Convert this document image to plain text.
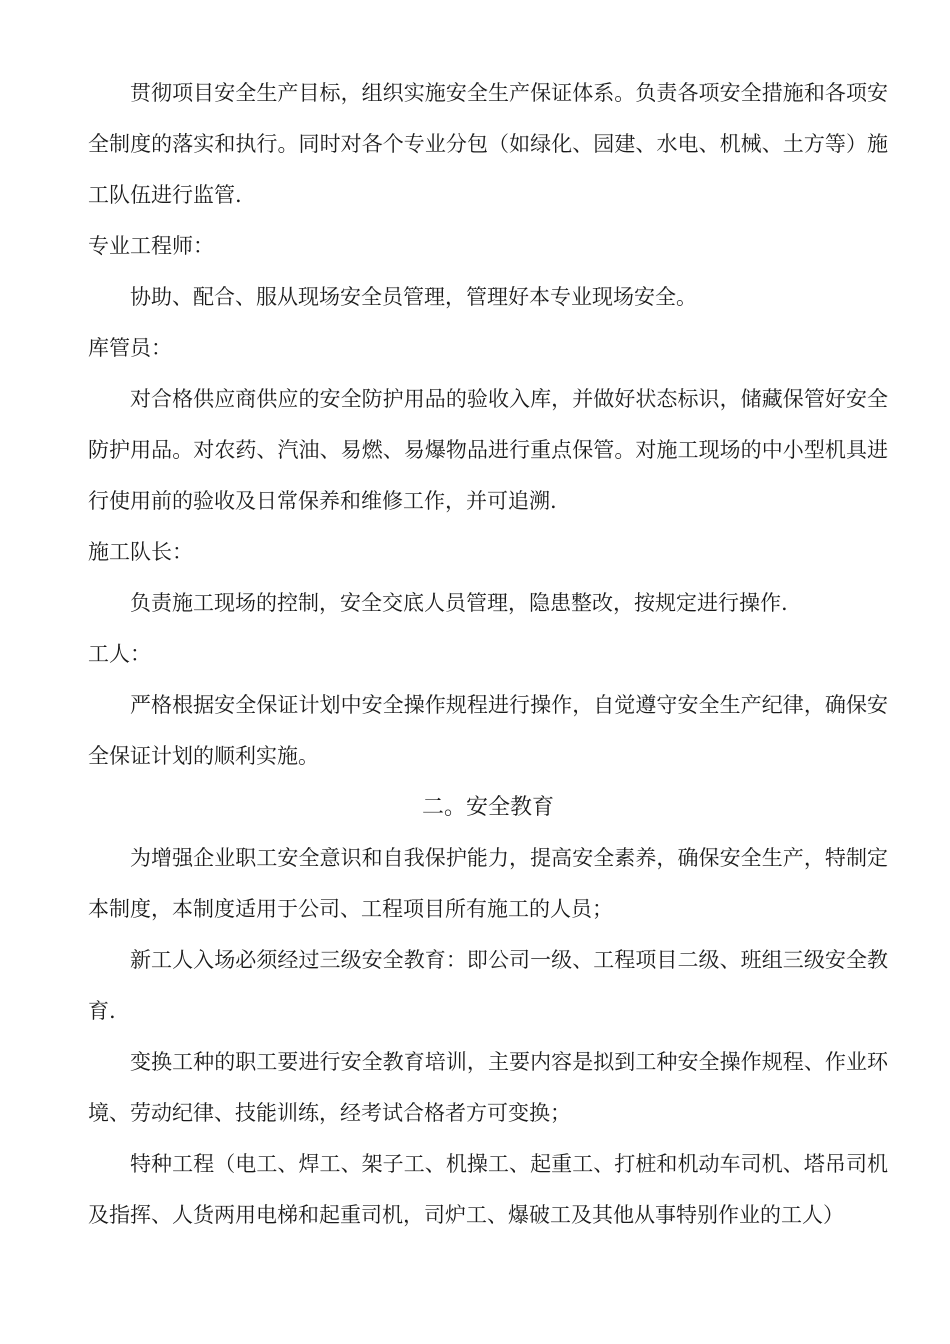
贯彻项目安全生产目标，组织实施安全生产保证体系。负责各项安全措施和各项安全制度的落实和执行。同时对各个专业分包（如绿化、园建、水电、机械、土方等）施工队伍进行监管.

专业工程师：

协助、配合、服从现场安全员管理，管理好本专业现场安全。

库管员：

对合格供应商供应的安全防护用品的验收入库，并做好状态标识，储藏保管好安全防护用品。对农药、汽油、易燃、易爆物品进行重点保管。对施工现场的中小型机具进行使用前的验收及日常保养和维修工作，并可追溯.

施工队长：

负责施工现场的控制，安全交底人员管理，隐患整改，按规定进行操作.

工人：

严格根据安全保证计划中安全操作规程进行操作，自觉遵守安全生产纪律，确保安全保证计划的顺利实施。

二。安全教育

为增强企业职工安全意识和自我保护能力，提高安全素养，确保安全生产，特制定本制度，本制度适用于公司、工程项目所有施工的人员；

新工人入场必须经过三级安全教育：即公司一级、工程项目二级、班组三级安全教育.

变换工种的职工要进行安全教育培训，主要内容是拟到工种安全操作规程、作业环境、劳动纪律、技能训练，经考试合格者方可变换；

特种工程（电工、焊工、架子工、机操工、起重工、打桩和机动车司机、塔吊司机及指挥、人货两用电梯和起重司机，司炉工、爆破工及其他从事特别作业的工人）
